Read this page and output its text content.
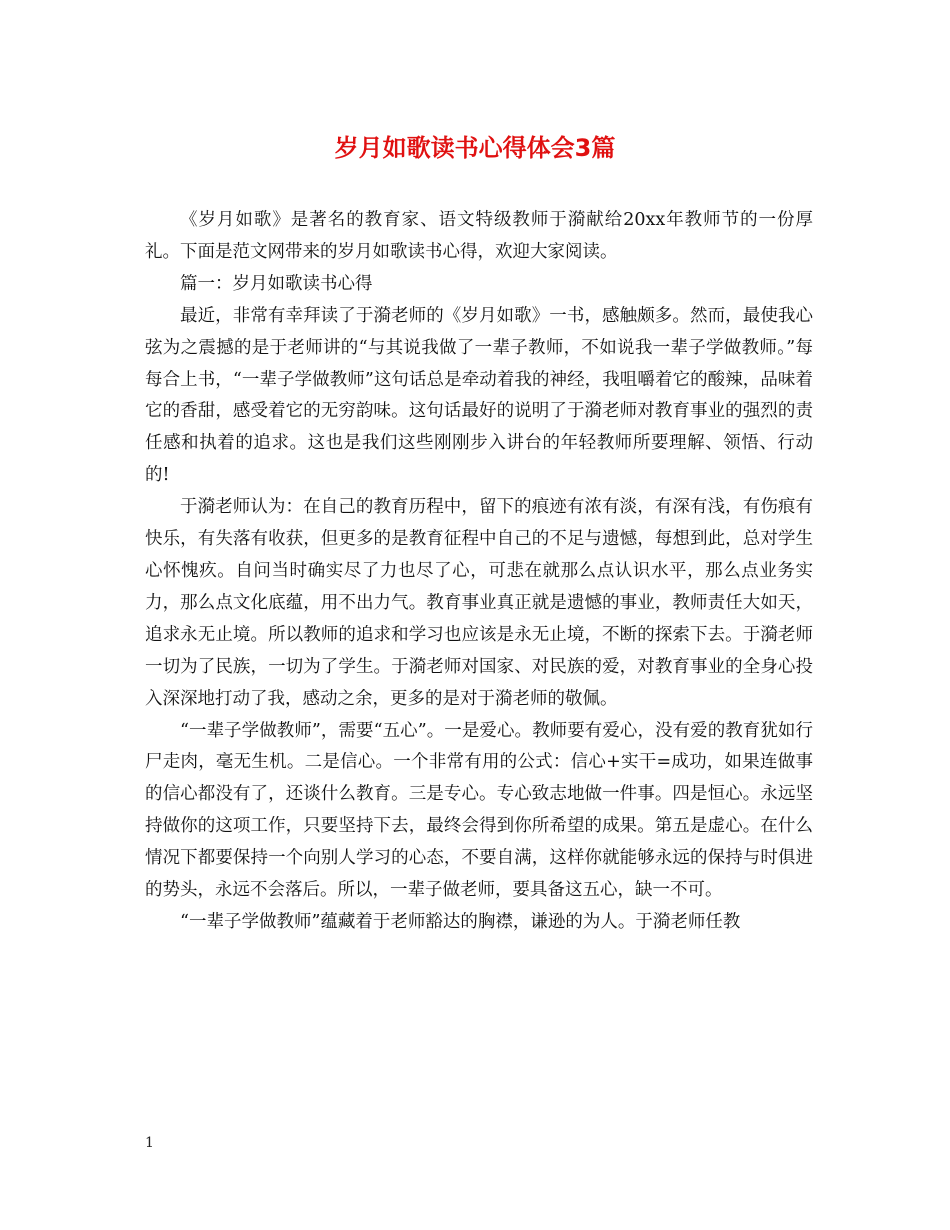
岁月如歌读书心得体会3篇

《岁月如歌》是著名的教育家、语文特级教师于漪献给20xx年教师节的一份厚礼。下面是范文网带来的岁月如歌读书心得，欢迎大家阅读。

篇一：岁月如歌读书心得

最近，非常有幸拜读了于漪老师的《岁月如歌》一书，感触颇多。然而，最使我心弦为之震撼的是于老师讲的“与其说我做了一辈子教师，不如说我一辈子学做教师。”每每合上书，“一辈子学做教师”这句话总是牵动着我的神经，我咀嚼着它的酸辣，品味着它的香甜，感受着它的无穷韵味。这句话最好的说明了于漪老师对教育事业的强烈的责任感和执着的追求。这也是我们这些刚刚步入讲台的年轻教师所要理解、领悟、行动的!

于漪老师认为：在自己的教育历程中，留下的痕迹有浓有淡，有深有浅，有伤痕有快乐，有失落有收获，但更多的是教育征程中自己的不足与遗憾，每想到此，总对学生心怀愧疚。自问当时确实尽了力也尽了心，可悲在就那么点认识水平，那么点业务实力，那么点文化底蕴，用不出力气。教育事业真正就是遗憾的事业，教师责任大如天，追求永无止境。所以教师的追求和学习也应该是永无止境，不断的探索下去。于漪老师一切为了民族，一切为了学生。于漪老师对国家、对民族的爱，对教育事业的全身心投入深深地打动了我，感动之余，更多的是对于漪老师的敬佩。

“一辈子学做教师”，需要“五心”。一是爱心。教师要有爱心，没有爱的教育犹如行尸走肉，毫无生机。二是信心。一个非常有用的公式：信心+实干=成功，如果连做事的信心都没有了，还谈什么教育。三是专心。专心致志地做一件事。四是恒心。永远坚持做你的这项工作，只要坚持下去，最终会得到你所希望的成果。第五是虚心。在什么情况下都要保持一个向别人学习的心态，不要自满，这样你就能够永远的保持与时俱进的势头，永远不会落后。所以，一辈子做老师，要具备这五心，缺一不可。

“一辈子学做教师”蕴藏着于老师豁达的胸襟，谦逊的为人。于漪老师任教

1
